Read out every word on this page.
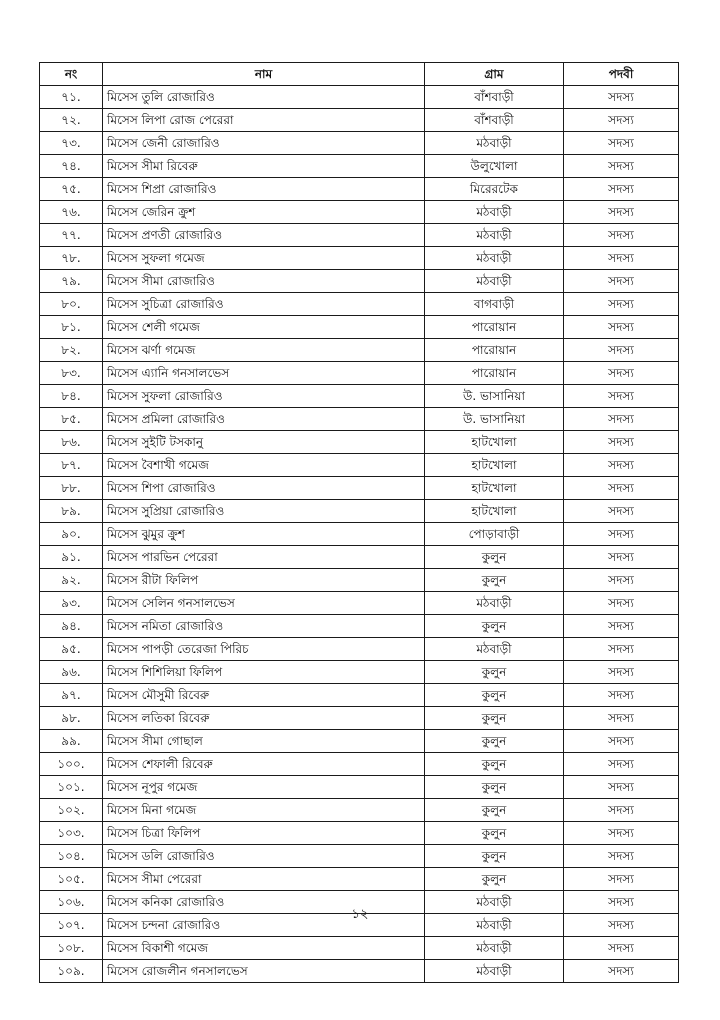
নং	নাম	গ্রাম	পদবী
৭১.	মিসেস তুলি রোজারিও	বাঁশবাড়ী	সদস্য
৭২.	মিসেস লিপা রোজ পেরেরা	বাঁশবাড়ী	সদস্য
৭৩.	মিসেস জেনী রোজারিও	মঠবাড়ী	সদস্য
৭৪.	মিসেস সীমা রিবেরু	উলুখোলা	সদস্য
৭৫.	মিসেস শিপ্রা রোজারিও	মিরেরটেক	সদস্য
৭৬.	মিসেস জেরিন ক্রুশ	মঠবাড়ী	সদস্য
৭৭.	মিসেস প্রণতী রোজারিও	মঠবাড়ী	সদস্য
৭৮.	মিসেস সুফলা গমেজ	মঠবাড়ী	সদস্য
৭৯.	মিসেস সীমা রোজারিও	মঠবাড়ী	সদস্য
৮০.	মিসেস সুচিত্রা রোজারিও	বাগবাড়ী	সদস্য
৮১.	মিসেস শেলী গমেজ	পারোয়ান	সদস্য
৮২.	মিসেস ঝর্ণা গমেজ	পারোয়ান	সদস্য
৮৩.	মিসেস এ্যানি গনসালভেস	পারোয়ান	সদস্য
৮৪.	মিসেস সুফলা রোজারিও	উ. ভাসানিয়া	সদস্য
৮৫.	মিসেস প্রমিলা রোজারিও	উ. ভাসানিয়া	সদস্য
৮৬.	মিসেস সুইটি টসকানু	হাটখোলা	সদস্য
৮৭.	মিসেস বৈশাখী গমেজ	হাটখোলা	সদস্য
৮৮.	মিসেস শিপা রোজারিও	হাটখোলা	সদস্য
৮৯.	মিসেস সুপ্রিয়া রোজারিও	হাটখোলা	সদস্য
৯০.	মিসেস ঝুমুর ক্রুশ	পোড়াবাড়ী	সদস্য
৯১.	মিসেস পারভিন পেরেরা	কুলুন	সদস্য
৯২.	মিসেস রীটা ফিলিপ	কুলুন	সদস্য
৯৩.	মিসেস সেলিন গনসালভেস	মঠবাড়ী	সদস্য
৯৪.	মিসেস নমিতা রোজারিও	কুলুন	সদস্য
৯৫.	মিসেস পাপড়ী তেরেজা পিরিচ	মঠবাড়ী	সদস্য
৯৬.	মিসেস শিশিলিয়া ফিলিপ	কুলুন	সদস্য
৯৭.	মিসেস মৌসুমী রিবেরু	কুলুন	সদস্য
৯৮.	মিসেস লতিকা রিবেরু	কুলুন	সদস্য
৯৯.	মিসেস সীমা গোছাল	কুলুন	সদস্য
১০০.	মিসেস শেফালী রিবেরু	কুলুন	সদস্য
১০১.	মিসেস নূপুর গমেজ	কুলুন	সদস্য
১০২.	মিসেস মিনা গমেজ	কুলুন	সদস্য
১০৩.	মিসেস চিত্রা ফিলিপ	কুলুন	সদস্য
১০৪.	মিসেস ডলি রোজারিও	কুলুন	সদস্য
১০৫.	মিসেস সীমা পেরেরা	কুলুন	সদস্য
১০৬.	মিসেস কনিকা রোজারিও	মঠবাড়ী	সদস্য
১০৭.	মিসেস চন্দনা রোজারিও	মঠবাড়ী	সদস্য
১০৮.	মিসেস বিকাশী গমেজ	মঠবাড়ী	সদস্য
১০৯.	মিসেস রোজলীন গনসালভেস	মঠবাড়ী	সদস্য
১২
